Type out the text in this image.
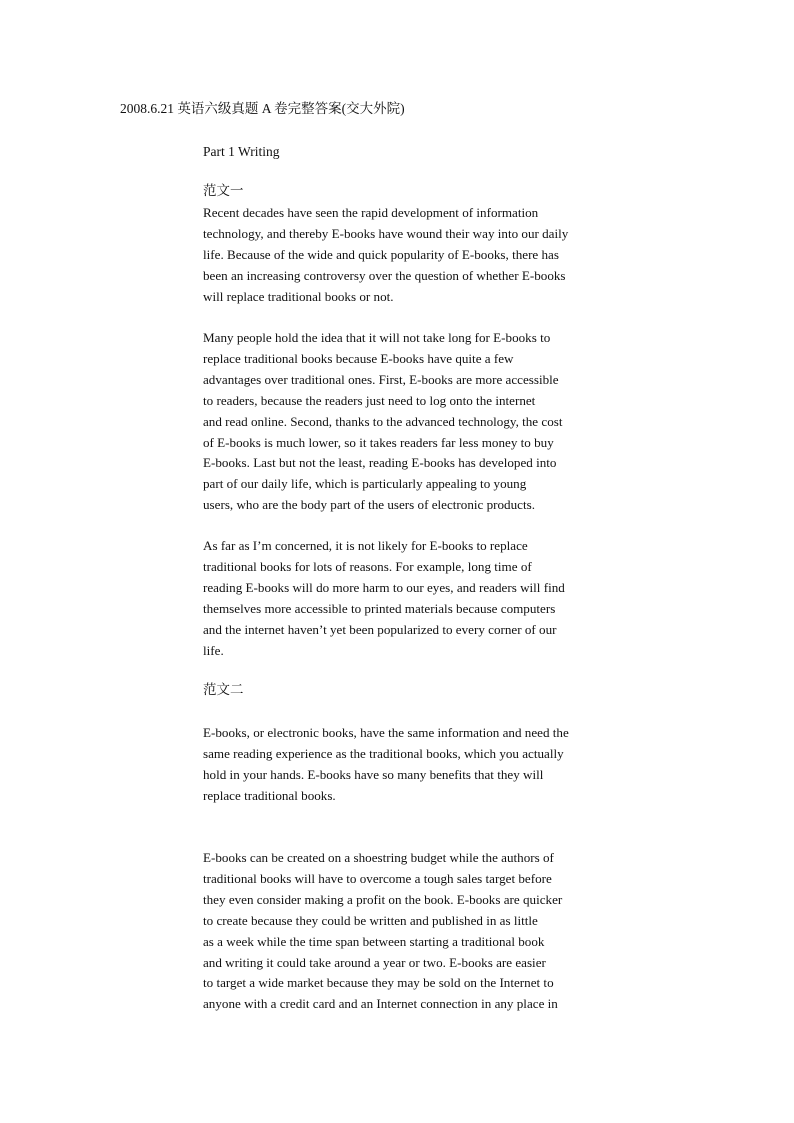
2008.6.21 英语六级真题 A 卷完整答案(交大外院)
Part 1 Writing
范文一
Recent decades have seen the rapid development of information
technology, and thereby E-books have wound their way into our daily
life. Because of the wide and quick popularity of E-books, there has
been an increasing controversy over the question of whether E-books
will replace traditional books or not.
Many people hold the idea that it will not take long for E-books to
replace traditional books because E-books have quite a few
advantages over traditional ones. First, E-books are more accessible
to readers, because the readers just need to log onto the internet
and read online. Second, thanks to the advanced technology, the cost
of E-books is much lower, so it takes readers far less money to buy
E-books. Last but not the least, reading E-books has developed into
part of our daily life, which is particularly appealing to young
users, who are the body part of the users of electronic products.
As far as I’m concerned, it is not likely for E-books to replace
traditional books for lots of reasons. For example, long time of
reading E-books will do more harm to our eyes, and readers will find
themselves more accessible to printed materials because computers
and the internet haven’t yet been popularized to every corner of our
life.
范文二
E-books, or electronic books, have the same information and need the
same reading experience as the traditional books, which you actually
hold in your hands. E-books have so many benefits that they will
replace traditional books.
E-books can be created on a shoestring budget while the authors of
traditional books will have to overcome a tough sales target before
they even consider making a profit on the book. E-books are quicker
to create because they could be written and published in as little
as a week while the time span between starting a traditional book
and writing it could take around a year or two. E-books are easier
to target a wide market because they may be sold on the Internet to
anyone with a credit card and an Internet connection in any place in
